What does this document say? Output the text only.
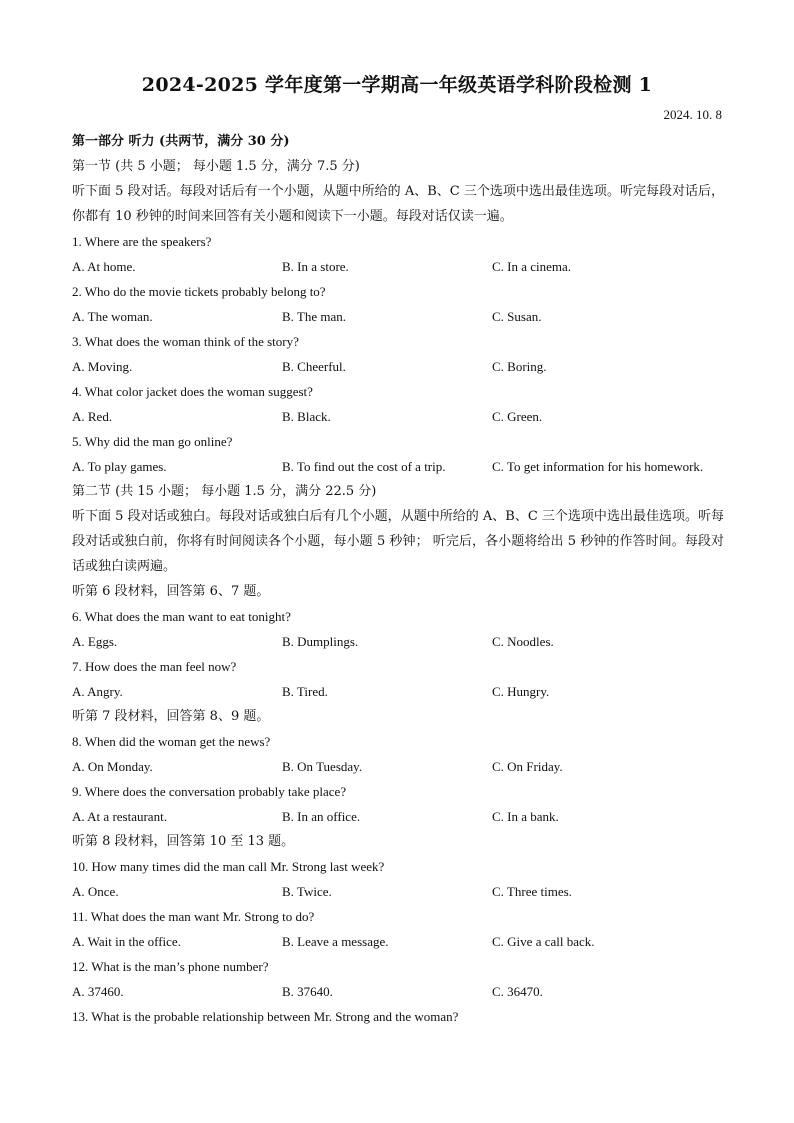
2024-2025 学年度第一学期高一年级英语学科阶段检测 1
2024. 10. 8
第一部分 听力 (共两节，满分 30 分)
第一节 (共 5 小题； 每小题 1.5 分，满分 7.5 分)
听下面 5 段对话。每段对话后有一个小题，从题中所给的 A、B、C 三个选项中选出最佳选项。听完每段对话后，你都有 10 秒钟的时间来回答有关小题和阅读下一小题。每段对话仅读一遍。
1. Where are the speakers?
A. At home.	B. In a store.	C. In a cinema.
2. Who do the movie tickets probably belong to?
A. The woman.	B. The man.	C. Susan.
3. What does the woman think of the story?
A. Moving.	B. Cheerful.	C. Boring.
4. What color jacket does the woman suggest?
A. Red.	B. Black.	C. Green.
5. Why did the man go online?
A. To play games.	B. To find out the cost of a trip.	C. To get information for his homework.
第二节 (共 15 小题； 每小题 1.5 分，满分 22.5 分)
听下面 5 段对话或独白。每段对话或独白后有几个小题，从题中所给的 A、B、C 三个选项中选出最佳选项。听每段对话或独白前，你将有时间阅读各个小题，每小题 5 秒钟； 听完后，各小题将给出 5 秒钟的作答时间。每段对话或独白读两遍。
听第 6 段材料，回答第 6、7 题。
6. What does the man want to eat tonight?
A. Eggs.	B. Dumplings.	C. Noodles.
7. How does the man feel now?
A. Angry.	B. Tired.	C. Hungry.
听第 7 段材料，回答第 8、9 题。
8. When did the woman get the news?
A. On Monday.	B. On Tuesday.	C. On Friday.
9. Where does the conversation probably take place?
A. At a restaurant.	B. In an office.	C. In a bank.
听第 8 段材料，回答第 10 至 13 题。
10. How many times did the man call Mr. Strong last week?
A. Once.	B. Twice.	C. Three times.
11. What does the man want Mr. Strong to do?
A. Wait in the office.	B. Leave a message.	C. Give a call back.
12. What is the man’s phone number?
A. 37460.	B. 37640.	C. 36470.
13. What is the probable relationship between Mr. Strong and the woman?
